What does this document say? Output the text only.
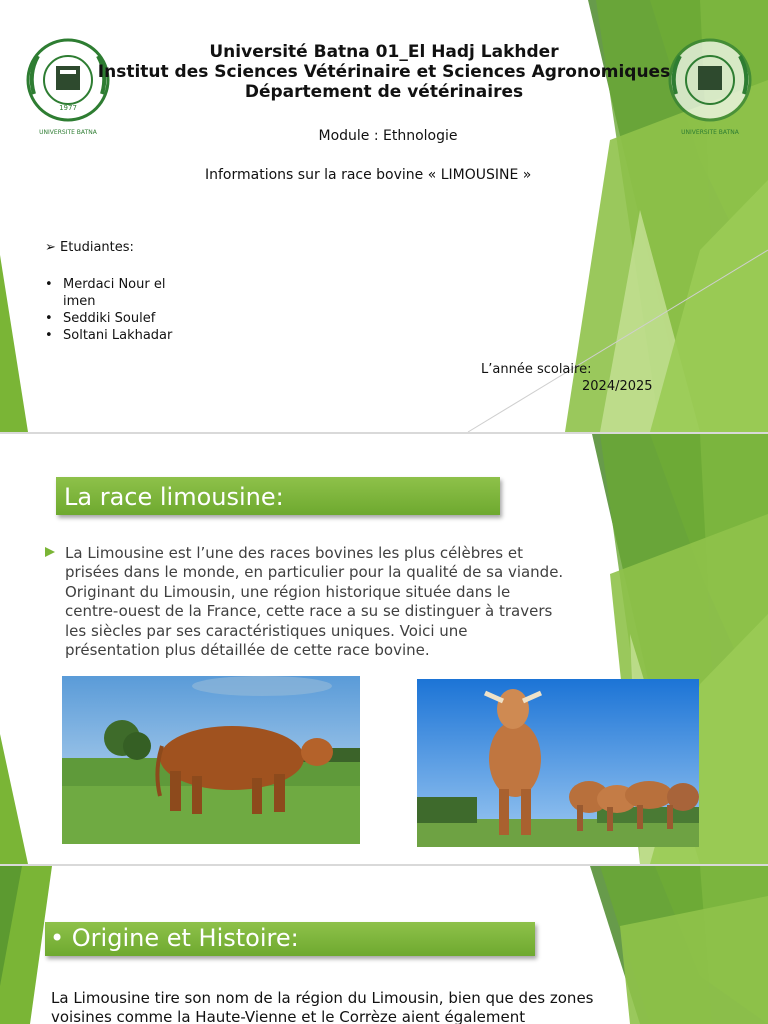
1977
UNIVERSITE BATNA	UNIVERSITE BATNA
Université Batna 01_El Hadj Lakhder
Institut des Sciences Vétérinaire et Sciences Agronomiques
Département de vétérinaires
Module : Ethnologie
Informations sur la race bovine « LIMOUSINE »
➢ Etudiantes:
• Merdaci Nour el imen
• Seddiki Soulef
• Soltani Lakhadar
L’année scolaire:
2024/2025
La race limousine:
La Limousine est l’une des races bovines les plus célèbres et prisées dans le monde, en particulier pour la qualité de sa viande. Originant du Limousin, une région historique située dans le centre-ouest de la France, cette race a su se distinguer à travers les siècles par ses caractéristiques uniques. Voici une présentation plus détaillée de cette race bovine.
• Origine et Histoire:
La Limousine tire son nom de la région du Limousin, bien que des zones
voisines comme la Haute-Vienne et le Corrèze aient également
